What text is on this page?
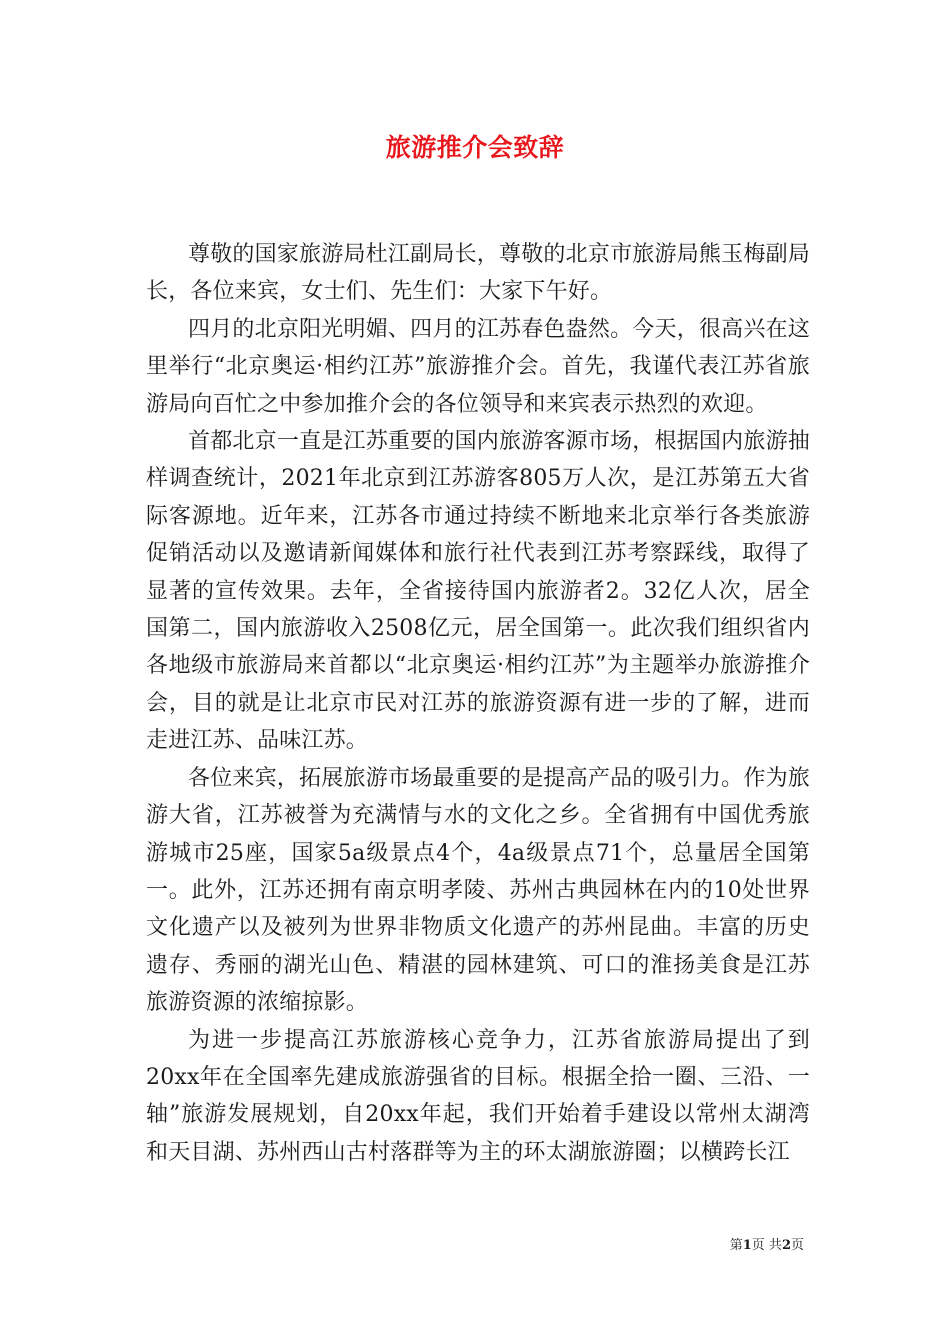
旅游推介会致辞

尊敬的国家旅游局杜江副局长，尊敬的北京市旅游局熊玉梅副局长，各位来宾，女士们、先生们：大家下午好。

四月的北京阳光明媚、四月的江苏春色盎然。今天，很高兴在这里举行“北京奥运·相约江苏”旅游推介会。首先，我谨代表江苏省旅游局向百忙之中参加推介会的各位领导和来宾表示热烈的欢迎。

首都北京一直是江苏重要的国内旅游客源市场，根据国内旅游抽样调查统计，2021年北京到江苏游客805万人次，是江苏第五大省际客源地。近年来，江苏各市通过持续不断地来北京举行各类旅游促销活动以及邀请新闻媒体和旅行社代表到江苏考察踩线，取得了显著的宣传效果。去年，全省接待国内旅游者2。32亿人次，居全国第二，国内旅游收入2508亿元，居全国第一。此次我们组织省内各地级市旅游局来首都以“北京奥运·相约江苏”为主题举办旅游推介会，目的就是让北京市民对江苏的旅游资源有进一步的了解，进而走进江苏、品味江苏。

各位来宾，拓展旅游市场最重要的是提高产品的吸引力。作为旅游大省，江苏被誉为充满情与水的文化之乡。全省拥有中国优秀旅游城市25座，国家5a级景点4个，4a级景点71个，总量居全国第一。此外，江苏还拥有南京明孝陵、苏州古典园林在内的10处世界文化遗产以及被列为世界非物质文化遗产的苏州昆曲。丰富的历史遗存、秀丽的湖光山色、精湛的园林建筑、可口的淮扬美食是江苏旅游资源的浓缩掠影。

为进一步提高江苏旅游核心竞争力，江苏省旅游局提出了到20xx年在全国率先建成旅游强省的目标。根据全拾一圈、三沿、一轴”旅游发展规划，自20xx年起，我们开始着手建设以常州太湖湾和天目湖、苏州西山古村落群等为主的环太湖旅游圈；以横跨长江

第1页 共2页
